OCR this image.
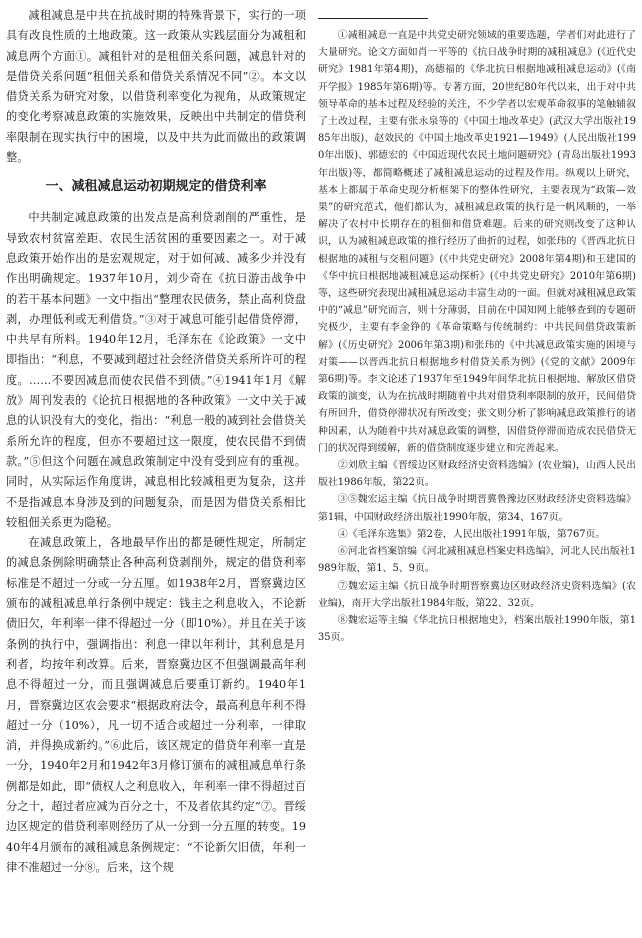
减租减息是中共在抗战时期的特殊背景下，实行的一项具有改良性质的土地政策。这一政策从实践层面分为减租和减息两个方面①。减租针对的是租佃关系问题，减息针对的是借贷关系问题“租佃关系和借贷关系情况不同”②。本文以借贷关系为研究对象，以借贷利率变化为视角，从政策规定的变化考察减息政策的实施效果，反映出中共制定的借贷利率限制在现实执行中的困境，以及中共为此而做出的政策调整。

一、减租减息运动初期规定的借贷利率

中共制定减息政策的出发点是高利贷剥削的严重性，是导致农村贫富差距、农民生活贫困的重要因素之一。对于减息政策开始作出的是宏观规定，对于如何减、减多少并没有作出明确规定。1937年10月，刘少奇在《抗日游击战争中的若干基本问题》一文中指出“整理农民债务，禁止高利贷盘剥，办理低利或无利借贷。”③对于减息可能引起借贷停滞，中共早有所料。1940年12月，毛泽东在《论政策》一文中即指出：“利息，不要减到超过社会经济借贷关系所许可的程度。……不要因减息而使农民借不到债。”④1941年1月《解放》周刊发表的《论抗日根据地的各种政策》一文中关于减息的认识没有大的变化，指出：“利息一般的减到社会借贷关系所允许的程度，但亦不要超过这一限度，使农民借不到债款。”⑤但这个问题在减息政策制定中没有受到应有的重视。同时，从实际运作角度讲，减息相比较减租更为复杂，这并不是指减息本身涉及到的问题复杂，而是因为借贷关系相比较租佃关系更为隐秘。

在减息政策上，各地最早作出的都是硬性规定，所制定的减息条例除明确禁止各种高利贷剥削外，规定的借贷利率标准是不超过一分或一分五厘。如1938年2月，晋察冀边区颁布的减租减息单行条例中规定：钱主之利息收入，不论新债旧欠，年利率一律不得超过一分（即10%）。并且在关于该条例的执行中，强调指出：利息一律以年利计，其利息是月利者，均按年利改算。后来，晋察冀边区不但强调最高年利息不得超过一分，而且强调减息后要重订新约。1940年1月，晋察冀边区农会要求“根据政府法令，最高利息年利不得超过一分（10%），凡一切不适合或超过一分利率，一律取消，并得换成新约。”⑥此后，该区规定的借贷年利率一直是一分，1940年2月和1942年3月修订颁布的减租减息单行条例都是如此，即“债权人之利息收入，年利率一律不得超过百分之十，超过者应减为百分之十，不及者依其约定”⑦。晋绥边区规定的借贷利率则经历了从一分到一分五厘的转变。1940年4月颁布的减租减息条例规定：“不论新欠旧债，年利一律不准超过一分⑧。后来，这个规

①减租减息一直是中共党史研究领域的重要选题，学者们对此进行了大量研究。论文方面如肖一平等的《抗日战争时期的减租减息》(《近代史研究》1981年第4期)，高德福的《华北抗日根据地减租减息运动》(《南开学报》1985年第6期)等。专著方面，20世纪80年代以来，出于对中共领导革命的基本过程及经验的关注，不少学者以宏观革命叙事的笔触辅叙了土改过程，主要有张永泉等的《中国土地改革史》(武汉大学出版社1985年出版)、赵效民的《中国土地改革史1921—1949》(人民出版社1990年出版)、郭德宏的《中国近现代农民土地问题研究》(青岛出版社1993年出版)等，都简略概述了减租减息运动的过程及作用。纵观以上研究，基本上都属于革命史现分析框架下的整体性研究，主要表现为“政策—效果”的研究范式，他们都认为，减租减息政策的执行是一帆风顺的，一举解决了农村中长期存在的租佃和借贷难题。后来的研究则改变了这种认识，认为减租减息政策的推行经历了曲折的过程，如张玮的《晋西北抗日根据地的减租与交租问题》(《中共党史研究》2008年第4期)和王建国的《华中抗日根据地减租减息运动探析》(《中共党史研究》2010年第6期)等，这些研究表现出减租减息运动丰富生动的一面。但就对减租减息政策中的“减息”研究而言，则十分薄弱，目前在中国知网上能够查到的专题研究极少，主要有李金铮的《革命策略与传统制约：中共民间借贷政策新解》(《历史研究》2006年第3期)和张玮的《中共减息政策实施的困境与对策——以晋西北抗日根据地乡村借贷关系为例》(《党的文献》2009年第6期)等。李文论述了1937年至1949年间华北抗日根据地、解放区借贷政策的演变，认为在抗战时期随着中共对借贷利率限制的放开，民间借贷有所回升，借贷停滞状况有所改变；张文则分析了影响减息政策推行的诸种因素，认为随着中共对减息政策的调整，因借贷停滞而造成农民借贷无门的状况得到缓解，新的借贷制度逐步建立和完善起来。

②刘欣主编《晋绥边区财政经济史资料选编》(农业编)，山西人民出版社1986年版，第22页。

③⑤魏宏运主编《抗日战争时期晋冀鲁豫边区财政经济史资料选编》第1辑，中国财政经济出版社1990年版，第34、167页。

④《毛泽东选集》第2卷，人民出版社1991年版，第767页。

⑥河北省档案馆编《河北减租减息档案史料选编》，河北人民出版社1989年版，第1、5、9页。

⑦魏宏运主编《抗日战争时期晋察冀边区财政经济史资料选编》(农业编)，南开大学出版社1984年版，第22、32页。

⑧魏宏运等主编《华北抗日根据地史》，档案出版社1990年版，第135页。
